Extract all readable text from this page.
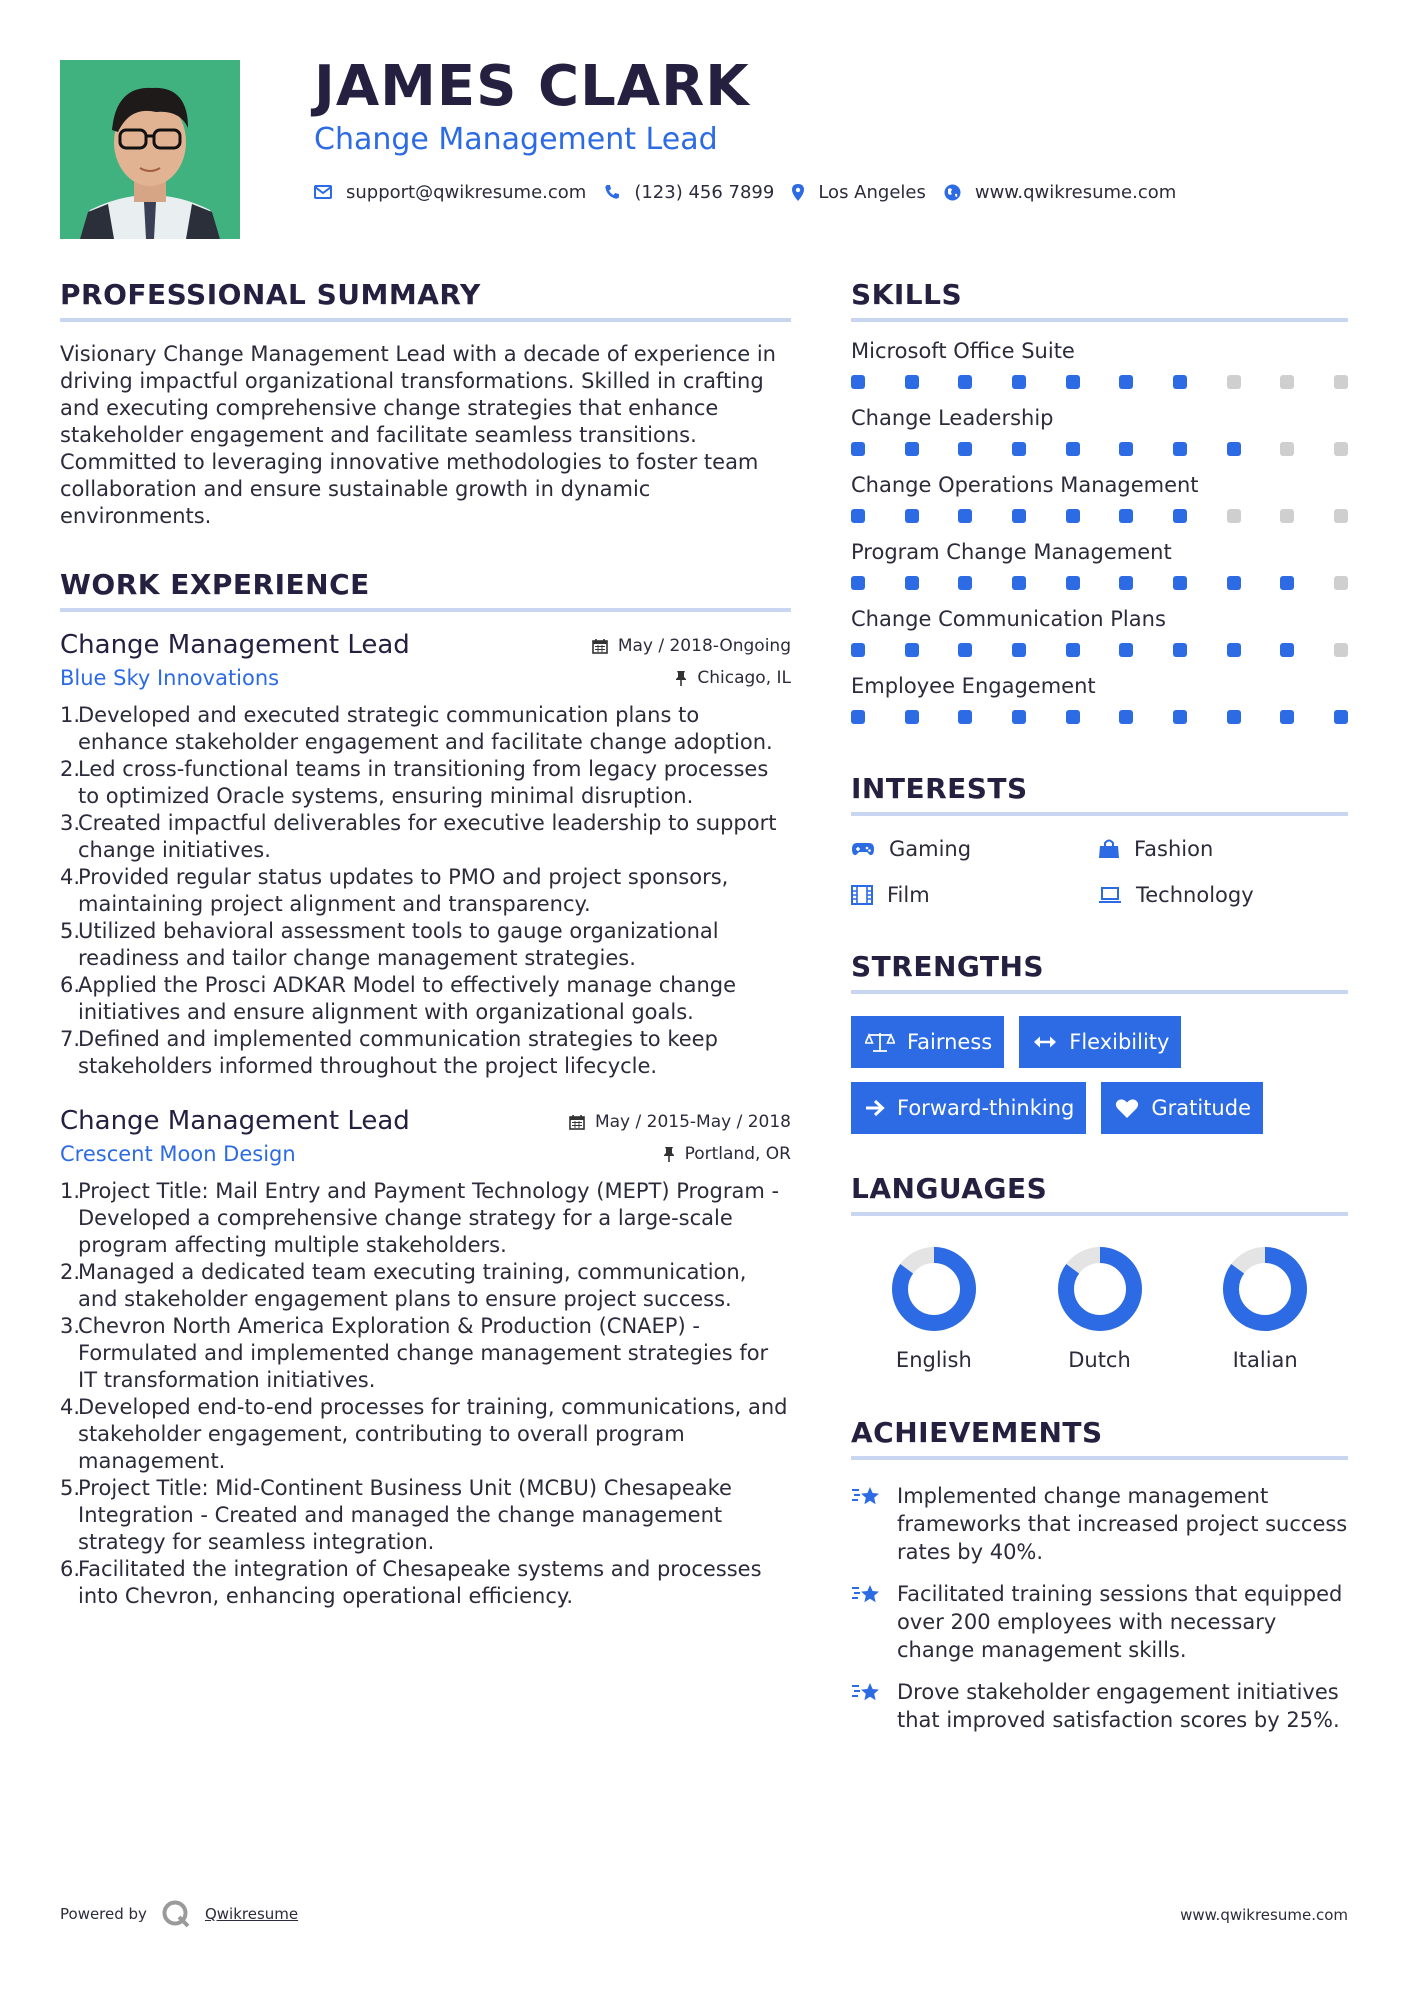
JAMES CLARK
Change Management Lead
support@qwikresume.com	(123) 456 7899 Los Angeles	www.qwikresume.com
PROFESSIONAL SUMMARY

Visionary Change Management Lead with a decade of experience in driving impactful organizational transformations. Skilled in crafting and executing comprehensive change strategies that enhance stakeholder engagement and facilitate seamless transitions. Committed to leveraging innovative methodologies to foster team collaboration and ensure sustainable growth in dynamic environments.

WORK EXPERIENCE
Change Management Lead	May / 2018-Ongoing
Blue Sky Innovations	Chicago, IL
1.Developed and executed strategic communication plans to enhance stakeholder engagement and facilitate change adoption.
2.Led cross-functional teams in transitioning from legacy processes to optimized Oracle systems, ensuring minimal disruption.
3.Created impactful deliverables for executive leadership to support change initiatives.
4.Provided regular status updates to PMO and project sponsors, maintaining project alignment and transparency.
5.Utilized behavioral assessment tools to gauge organizational readiness and tailor change management strategies.
6.Applied the Prosci ADKAR Model to effectively manage change initiatives and ensure alignment with organizational goals.
7.Defined and implemented communication strategies to keep stakeholders informed throughout the project lifecycle.
Change Management Lead	May / 2015-May / 2018
Crescent Moon Design	Portland, OR
1.Project Title: Mail Entry and Payment Technology (MEPT) Program - Developed a comprehensive change strategy for a large-scale program affecting multiple stakeholders.
2.Managed a dedicated team executing training, communication, and stakeholder engagement plans to ensure project success.
3.Chevron North America Exploration & Production (CNAEP) - Formulated and implemented change management strategies for IT transformation initiatives.
4.Developed end-to-end processes for training, communications, and stakeholder engagement, contributing to overall program management.
5.Project Title: Mid-Continent Business Unit (MCBU) Chesapeake Integration - Created and managed the change management strategy for seamless integration.
6.Facilitated the integration of Chesapeake systems and processes into Chevron, enhancing operational efficiency.
SKILLS
Microsoft Office Suite
Change Leadership
Change Operations Management
Program Change Management
Change Communication Plans
Employee Engagement
INTERESTS
Gaming	Fashion
Film	Technology
STRENGTHS
Fairness	Flexibility
Forward-thinking	Gratitude
LANGUAGES
English	Dutch	Italian
ACHIEVEMENTS
Implemented change management frameworks that increased project success rates by 40%.
Facilitated training sessions that equipped over 200 employees with necessary change management skills.
Drove stakeholder engagement initiatives that improved satisfaction scores by 25%.
Powered by	Qwikresume	www.qwikresume.com
